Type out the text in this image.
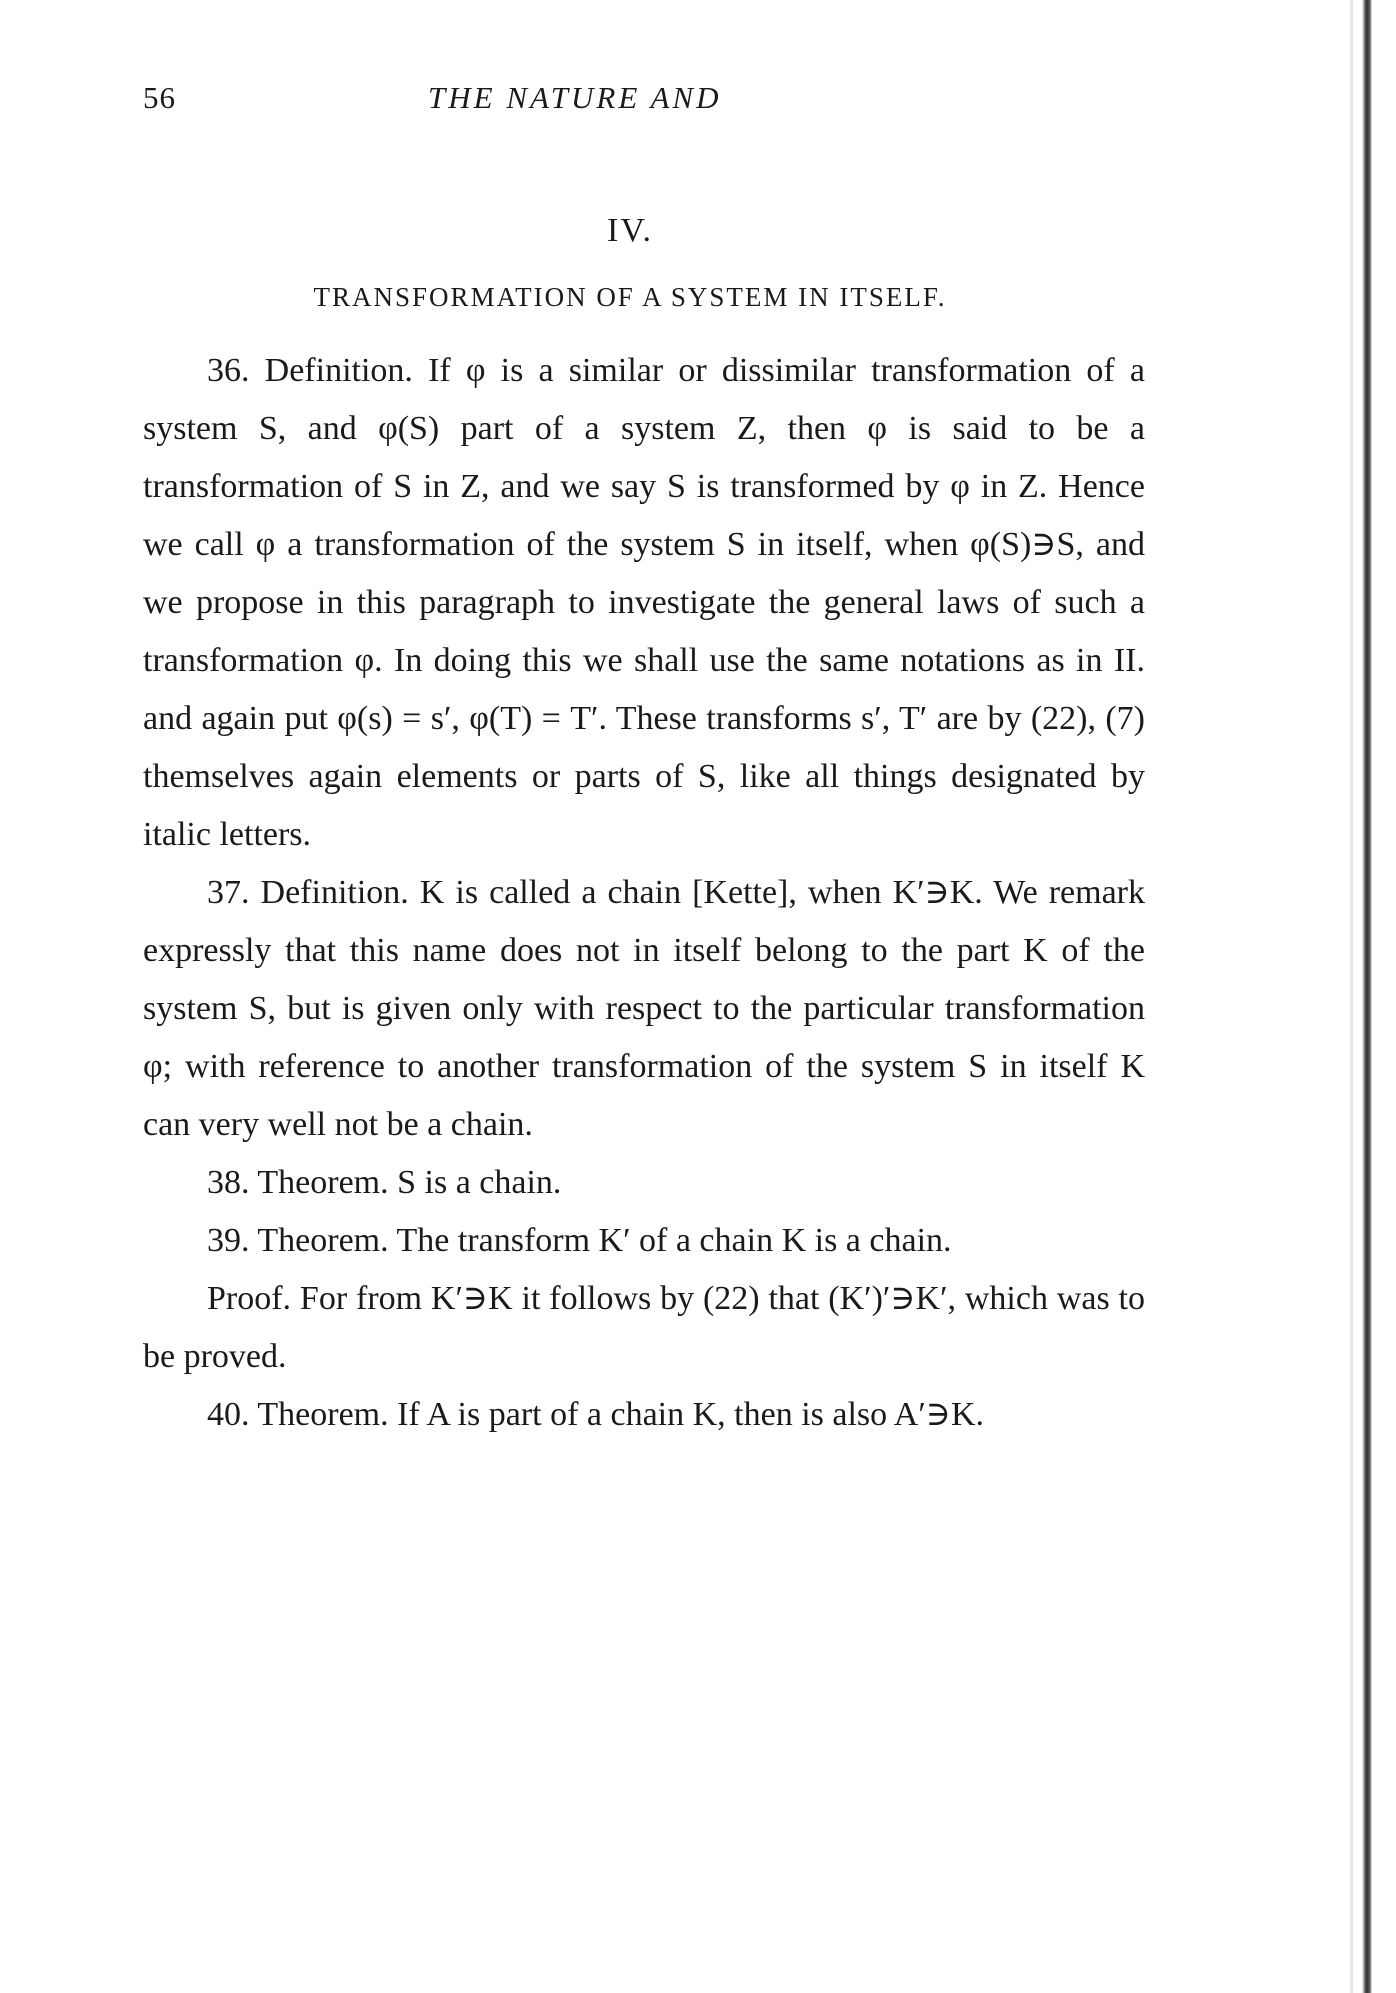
56	THE NATURE AND
IV.
TRANSFORMATION OF A SYSTEM IN ITSELF.

36. Definition. If φ is a similar or dissimilar transformation of a system S, and φ(S) part of a system Z, then φ is said to be a transformation of S in Z, and we say S is transformed by φ in Z. Hence we call φ a transformation of the system S in itself, when φ(S)∋S, and we propose in this paragraph to investigate the general laws of such a transformation φ. In doing this we shall use the same notations as in II. and again put φ(s) = s′, φ(T) = T′. These transforms s′, T′ are by (22), (7) themselves again elements or parts of S, like all things designated by italic letters.

37. Definition. K is called a chain [Kette], when K′∋K. We remark expressly that this name does not in itself belong to the part K of the system S, but is given only with respect to the particular transformation φ; with reference to another transformation of the system S in itself K can very well not be a chain.

38. Theorem. S is a chain.

39. Theorem. The transform K′ of a chain K is a chain.

Proof. For from K′∋K it follows by (22) that (K′)′∋K′, which was to be proved.

40. Theorem. If A is part of a chain K, then is also A′∋K.
